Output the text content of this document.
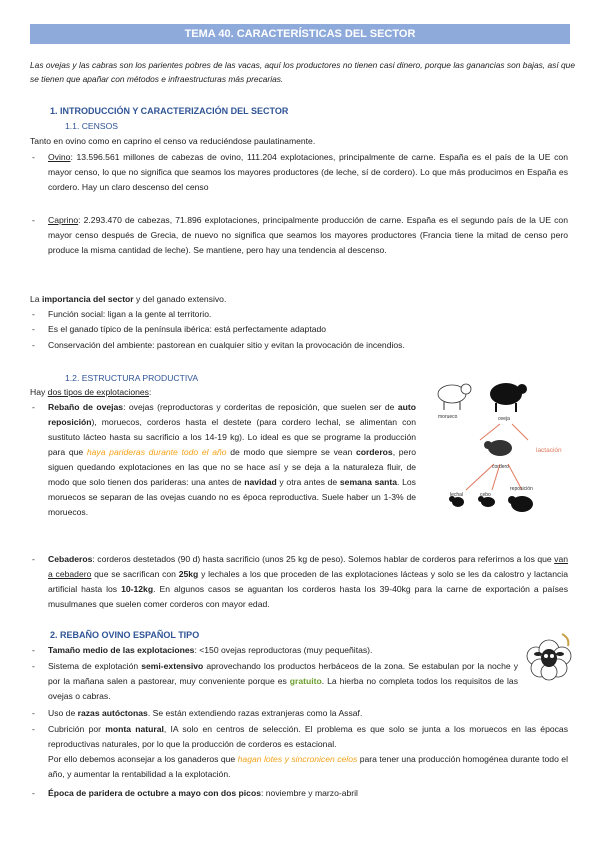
TEMA 40. CARACTERÍSTICAS DEL SECTOR
Las ovejas y las cabras son los parientes pobres de las vacas, aquí los productores no tienen casi dinero, porque las ganancias son bajas, así que se tienen que apañar con métodos e infraestructuras más precarias.
1. INTRODUCCIÓN Y CARACTERIZACIÓN DEL SECTOR
1.1. CENSOS
Tanto en ovino como en caprino el censo va reduciéndose paulatinamente.
- Ovino: 13.596.561 millones de cabezas de ovino, 111.204 explotaciones, principalmente de carne. España es el país de la UE con mayor censo, lo que no significa que seamos los mayores productores (de leche, sí de cordero). Lo que más producimos en España es cordero. Hay un claro descenso del censo
- Caprino: 2.293.470 de cabezas, 71.896 explotaciones, principalmente producción de carne. España es el segundo país de la UE con mayor censo después de Grecia, de nuevo no significa que seamos los mayores productores (Francia tiene la mitad de censo pero produce la misma cantidad de leche). Se mantiene, pero hay una tendencia al descenso.
La importancia del sector y del ganado extensivo.
- Función social: ligan a la gente al territorio.
- Es el ganado típico de la península ibérica: está perfectamente adaptado
- Conservación del ambiente: pastorean en cualquier sitio y evitan la provocación de incendios.
1.2. ESTRUCTURA PRODUCTIVA
Hay dos tipos de explotaciones:
- Rebaño de ovejas: ovejas (reproductoras y corderitas de reposición, que suelen ser de auto reposición), moruecos, corderos hasta el destete (para cordero lechal, se alimentan con sustituto lácteo hasta su sacrificio a los 14-19 kg). Lo ideal es que se programe la producción para que haya parideras durante todo el año de modo que siempre se vean corderos, pero siguen quedando explotaciones en las que no se hace así y se deja a la naturaleza fluir, de modo que solo tienen dos parideras: una antes de navidad y otra antes de semana santa. Los moruecos se separan de las ovejas cuando no es época reproductiva. Suele haber un 1-3% de moruecos.
morueco	oveja
cordero
lactación
lechal	cebo
reposición
- Cebaderos: corderos destetados (90 d) hasta sacrificio (unos 25 kg de peso). Solemos hablar de corderos para referirnos a los que van a cebadero que se sacrifican con 25kg y lechales a los que proceden de las explotaciones lácteas y solo se les da calostro y lactancia artificial hasta los 10-12kg. En algunos casos se aguantan los corderos hasta los 39-40kg para la carne de exportación a países musulmanes que suelen comer corderos con mayor edad.
2. REBAÑO OVINO ESPAÑOL TIPO
- Tamaño medio de las explotaciones: <150 ovejas reproductoras (muy pequeñitas).
- Sistema de explotación semi-extensivo aprovechando los productos herbáceos de la zona. Se estabulan por la noche y por la mañana salen a pastorear, muy conveniente porque es gratuito. La hierba no completa todos los requisitos de las ovejas o cabras.
- Uso de razas autóctonas. Se están extendiendo razas extranjeras como la Assaf.
- Cubrición por monta natural, IA solo en centros de selección. El problema es que solo se junta a los moruecos en las épocas reproductivas naturales, por lo que la producción de corderos es estacional.
Por ello debemos aconsejar a los ganaderos que hagan lotes y sincronicen celos para tener una producción homogénea durante todo el año, y aumentar la rentabilidad a la explotación.
- Época de paridera de octubre a mayo con dos picos: noviembre y marzo-abril
